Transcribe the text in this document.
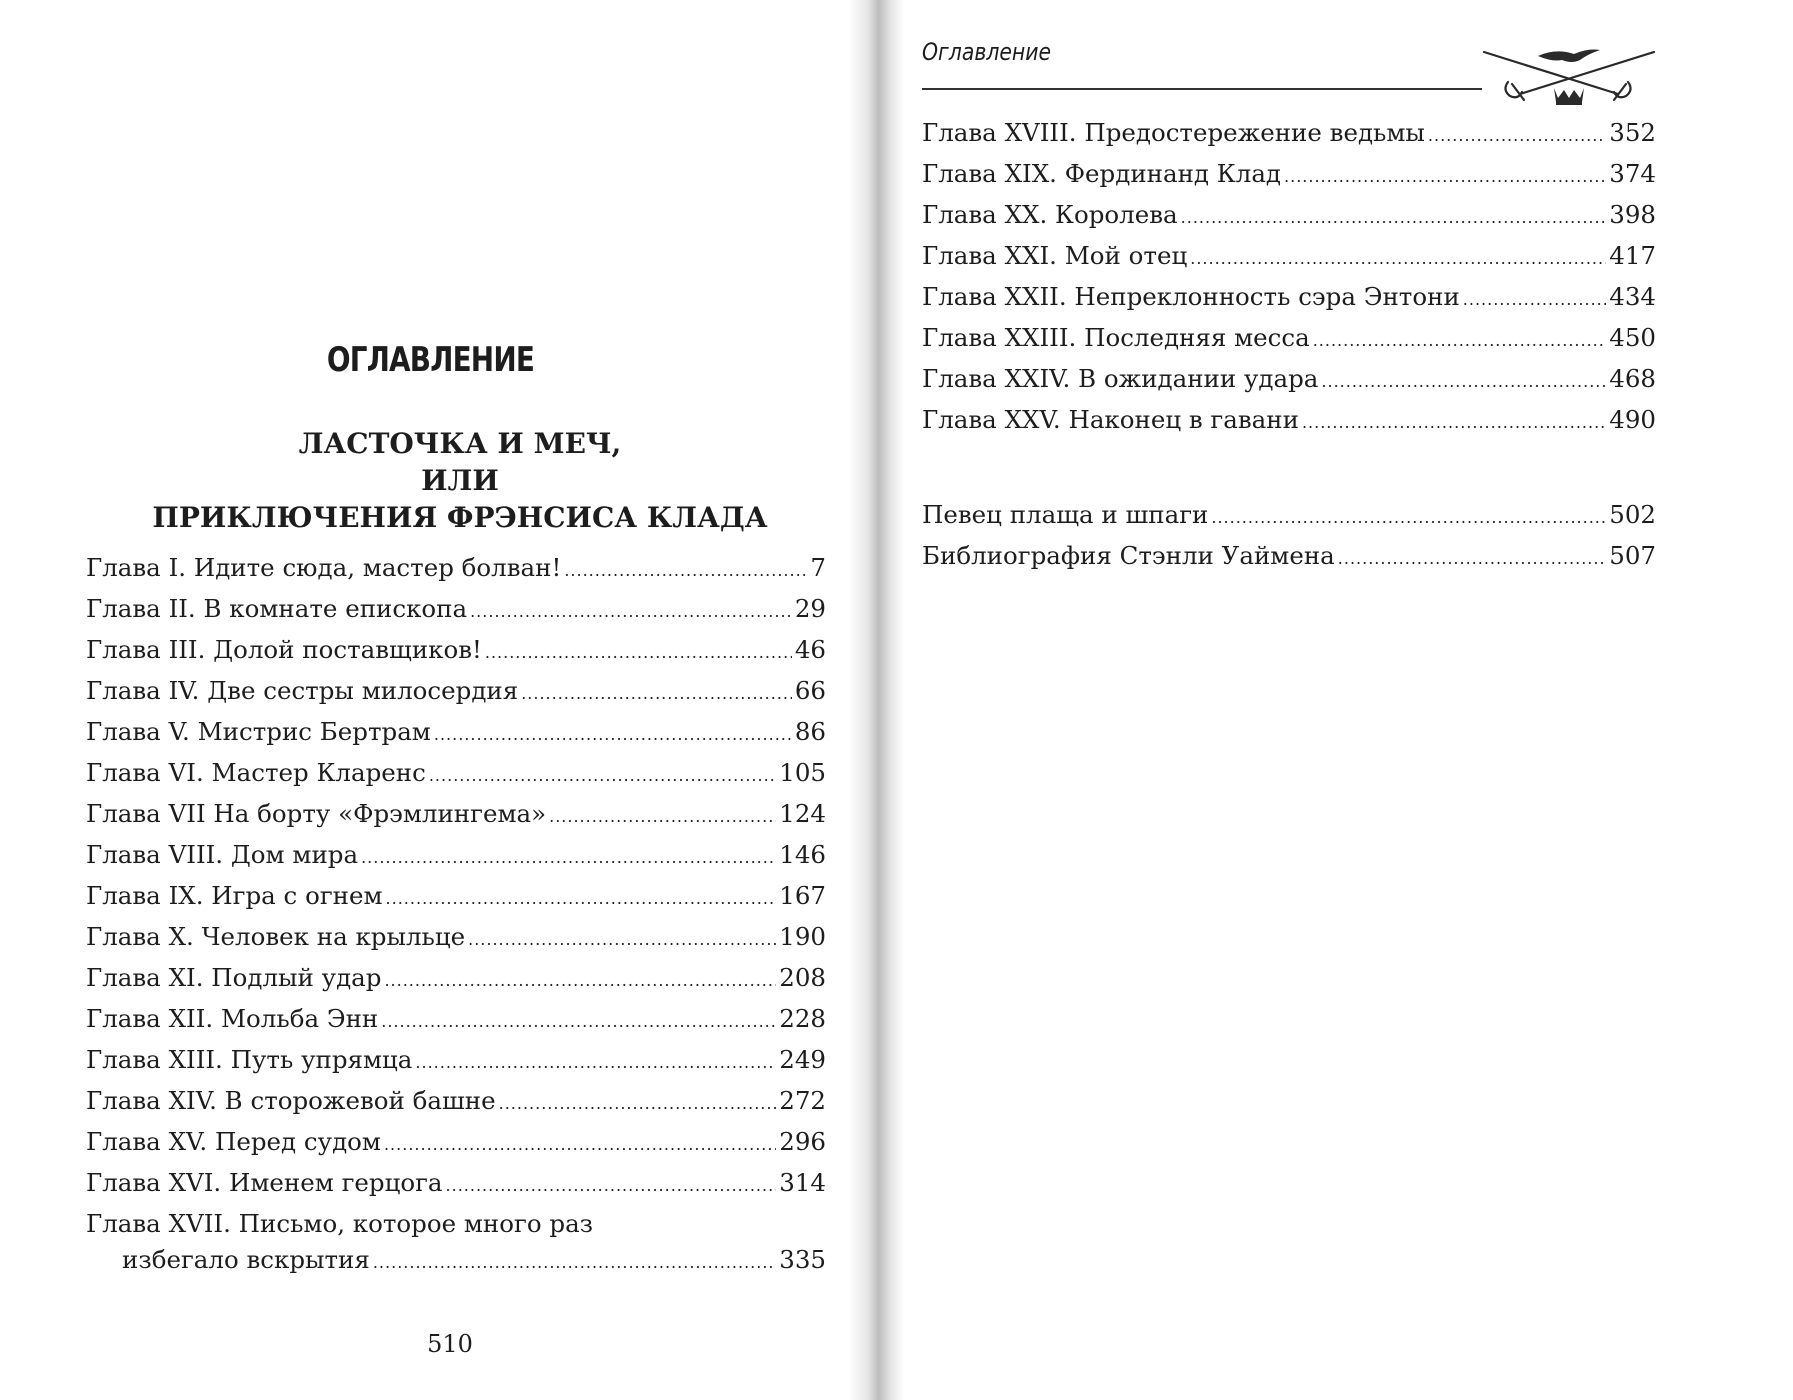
ОГЛАВЛЕНИЕ
ЛАСТОЧКА И МЕЧ,
ИЛИ
ПРИКЛЮЧЕНИЯ ФРЭНСИСА КЛАДА
Глава I. Идите сюда, мастер болван! .....	7
Глава II. В комнате епископа .....	29
Глава III. Долой поставщиков! .....	46
Глава IV. Две сестры милосердия .....	66
Глава V. Мистрис Бертрам .....	86
Глава VI. Мастер Кларенс .....	105
Глава VII На борту «Фрэмлингема» .....	124
Глава VIII. Дом мира .....	146
Глава IX. Игра с огнем .....	167
Глава X. Человек на крыльце .....	190
Глава XI. Подлый удар .....	208
Глава XII. Мольба Энн .....	228
Глава XIII. Путь упрямца .....	249
Глава XIV. В сторожевой башне .....	272
Глава XV. Перед судом .....	296
Глава XVI. Именем герцога .....	314
Глава XVII. Письмо, которое много раз
избегало вскрытия .....	335
510
Оглавление
Глава XVIII. Предостережение ведьмы .....	352
Глава XIX. Фердинанд Клад .....	374
Глава XX. Королева .....	398
Глава XXI. Мой отец .....	417
Глава XXII. Непреклонность сэра Энтони .....	434
Глава XXIII. Последняя месса .....	450
Глава XXIV. В ожидании удара .....	468
Глава XXV. Наконец в гавани .....	490
Певец плаща и шпаги .....	502
Библиография Стэнли Уаймена .....	507
